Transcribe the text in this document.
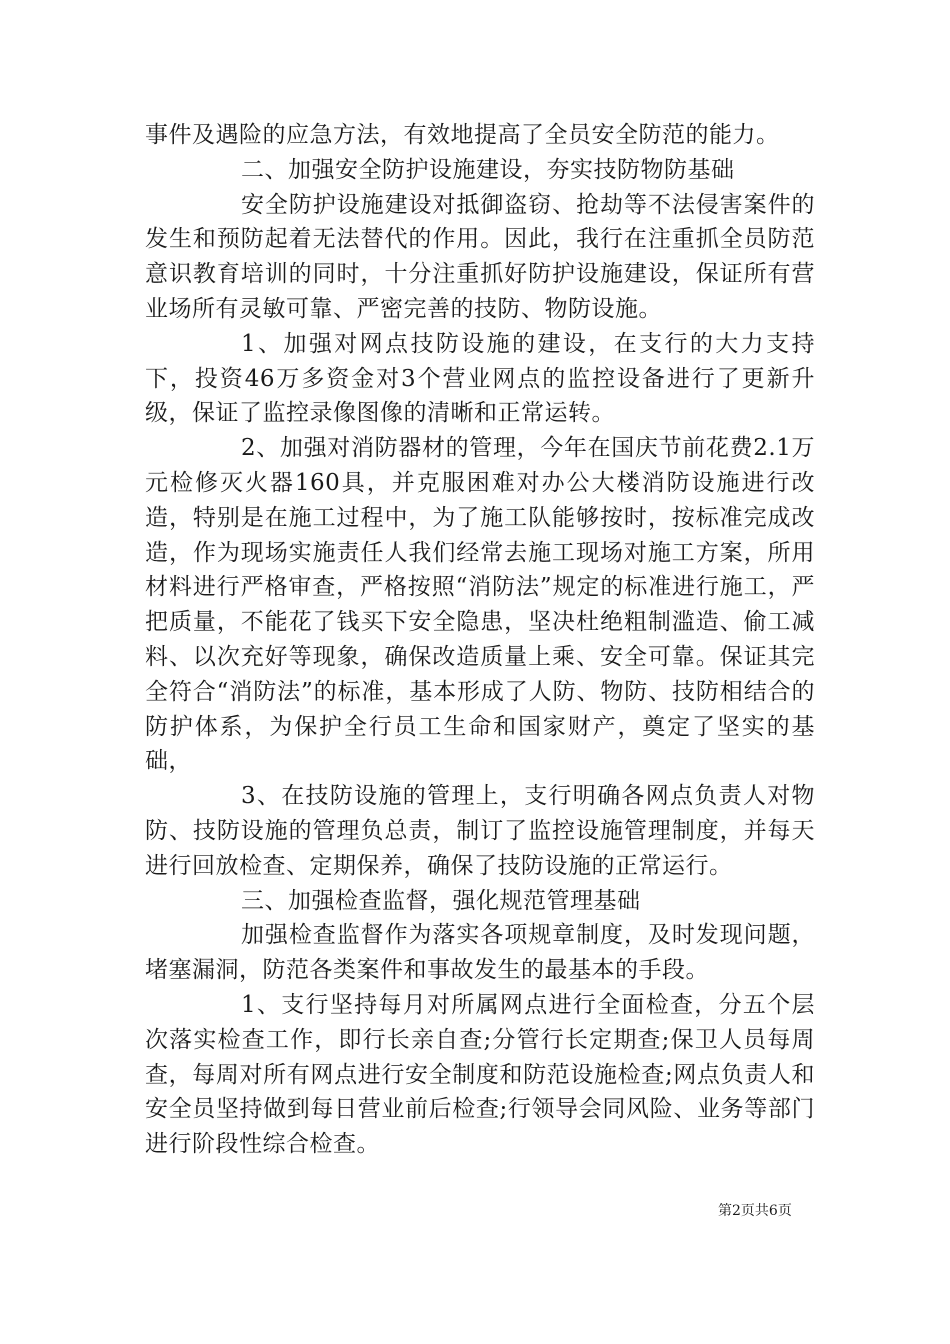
事件及遇险的应急方法，有效地提高了全员安全防范的能力。

二、加强安全防护设施建设，夯实技防物防基础

安全防护设施建设对抵御盗窃、抢劫等不法侵害案件的发生和预防起着无法替代的作用。因此，我行在注重抓全员防范意识教育培训的同时，十分注重抓好防护设施建设，保证所有营业场所有灵敏可靠、严密完善的技防、物防设施。

1、加强对网点技防设施的建设，在支行的大力支持下，投资46万多资金对3个营业网点的监控设备进行了更新升级，保证了监控录像图像的清晰和正常运转。

2、加强对消防器材的管理，今年在国庆节前花费2.1万元检修灭火器160具，并克服困难对办公大楼消防设施进行改造，特别是在施工过程中，为了施工队能够按时，按标准完成改造，作为现场实施责任人我们经常去施工现场对施工方案，所用材料进行严格审查，严格按照“消防法”规定的标准进行施工，严把质量，不能花了钱买下安全隐患，坚决杜绝粗制滥造、偷工减料、以次充好等现象，确保改造质量上乘、安全可靠。保证其完全符合“消防法”的标准，基本形成了人防、物防、技防相结合的防护体系，为保护全行员工生命和国家财产，奠定了坚实的基础，

3、在技防设施的管理上，支行明确各网点负责人对物防、技防设施的管理负总责，制订了监控设施管理制度，并每天进行回放检查、定期保养，确保了技防设施的正常运行。

三、加强检查监督，强化规范管理基础

加强检查监督作为落实各项规章制度，及时发现问题，堵塞漏洞，防范各类案件和事故发生的最基本的手段。

1、支行坚持每月对所属网点进行全面检查，分五个层次落实检查工作，即行长亲自查;分管行长定期查;保卫人员每周查，每周对所有网点进行安全制度和防范设施检查;网点负责人和安全员坚持做到每日营业前后检查;行领导会同风险、业务等部门进行阶段性综合检查。

第2页共6页
